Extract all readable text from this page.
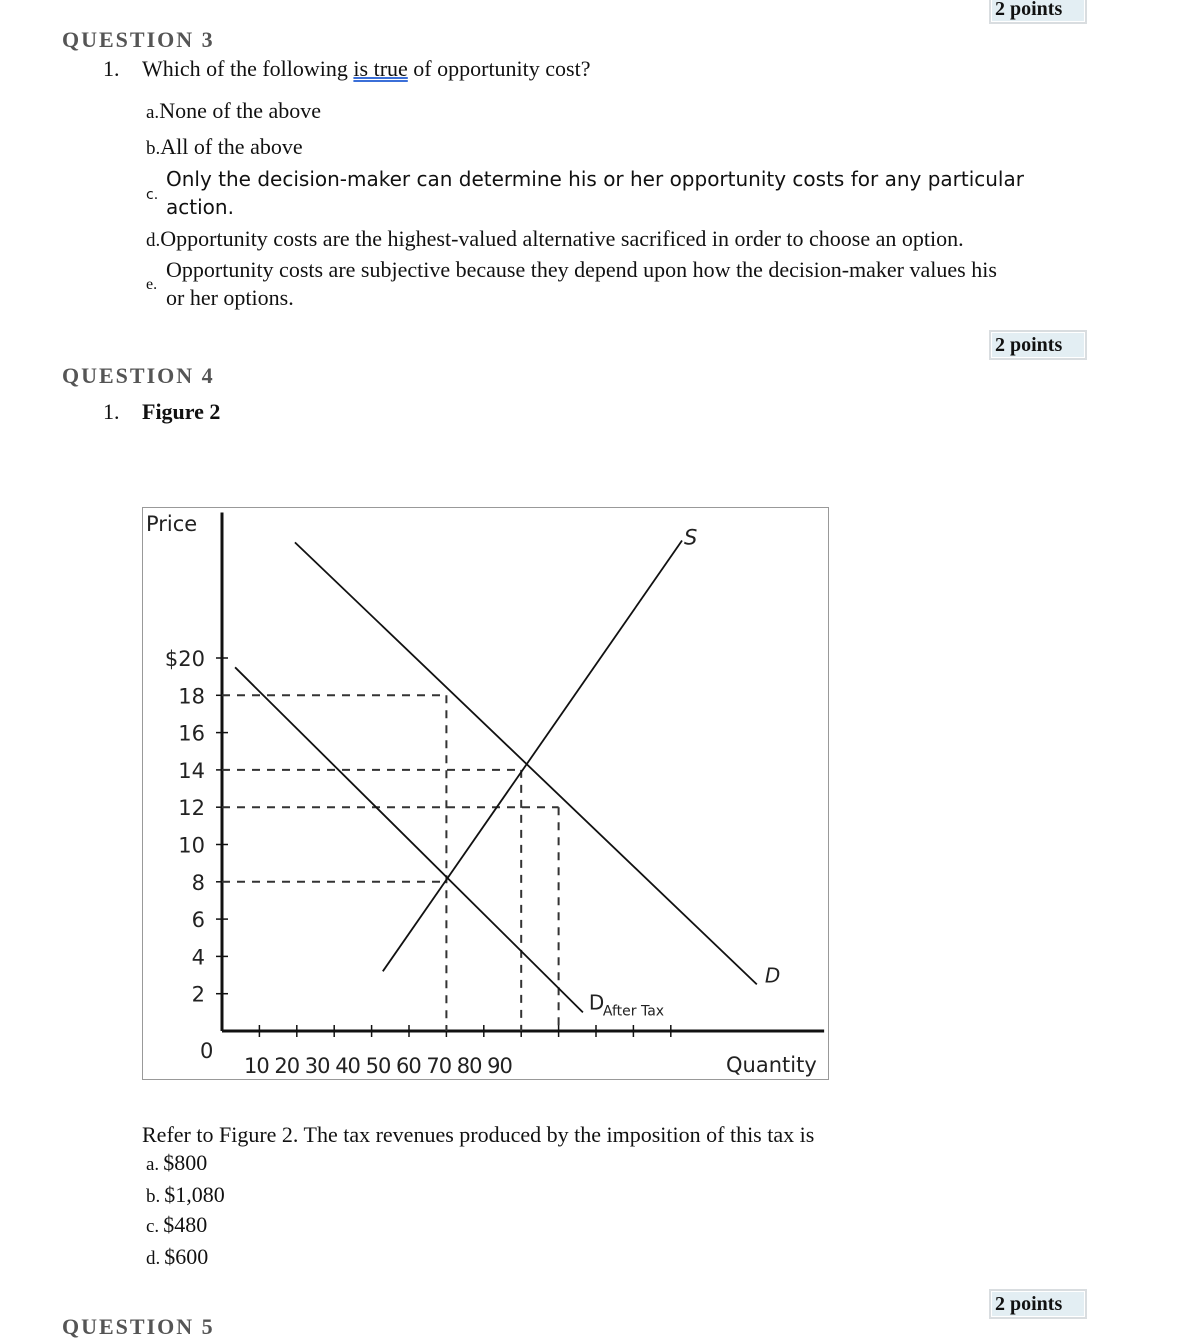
2 points
QUESTION 3
1. Which of the following is true of opportunity cost?
a.None of the above
b.All of the above
c.
Only the decision-maker can determine his or her opportunity costs for any particular
action.
d.Opportunity costs are the highest-valued alternative sacrificed in order to choose an option.
e.
Opportunity costs are subjective because they depend upon how the decision-maker values his
or her options.
2 points
QUESTION 4
1. Figure 2
2
4
6
8
10
12
14
16
18
$20
10 20 30 40 50 60 70 80 90
0
Price
Quantity
S
D
D
After Tax
Refer to Figure 2. The tax revenues produced by the imposition of this tax is
a. $800
b. $1,080
c. $480
d. $600
2 points
QUESTION 5
